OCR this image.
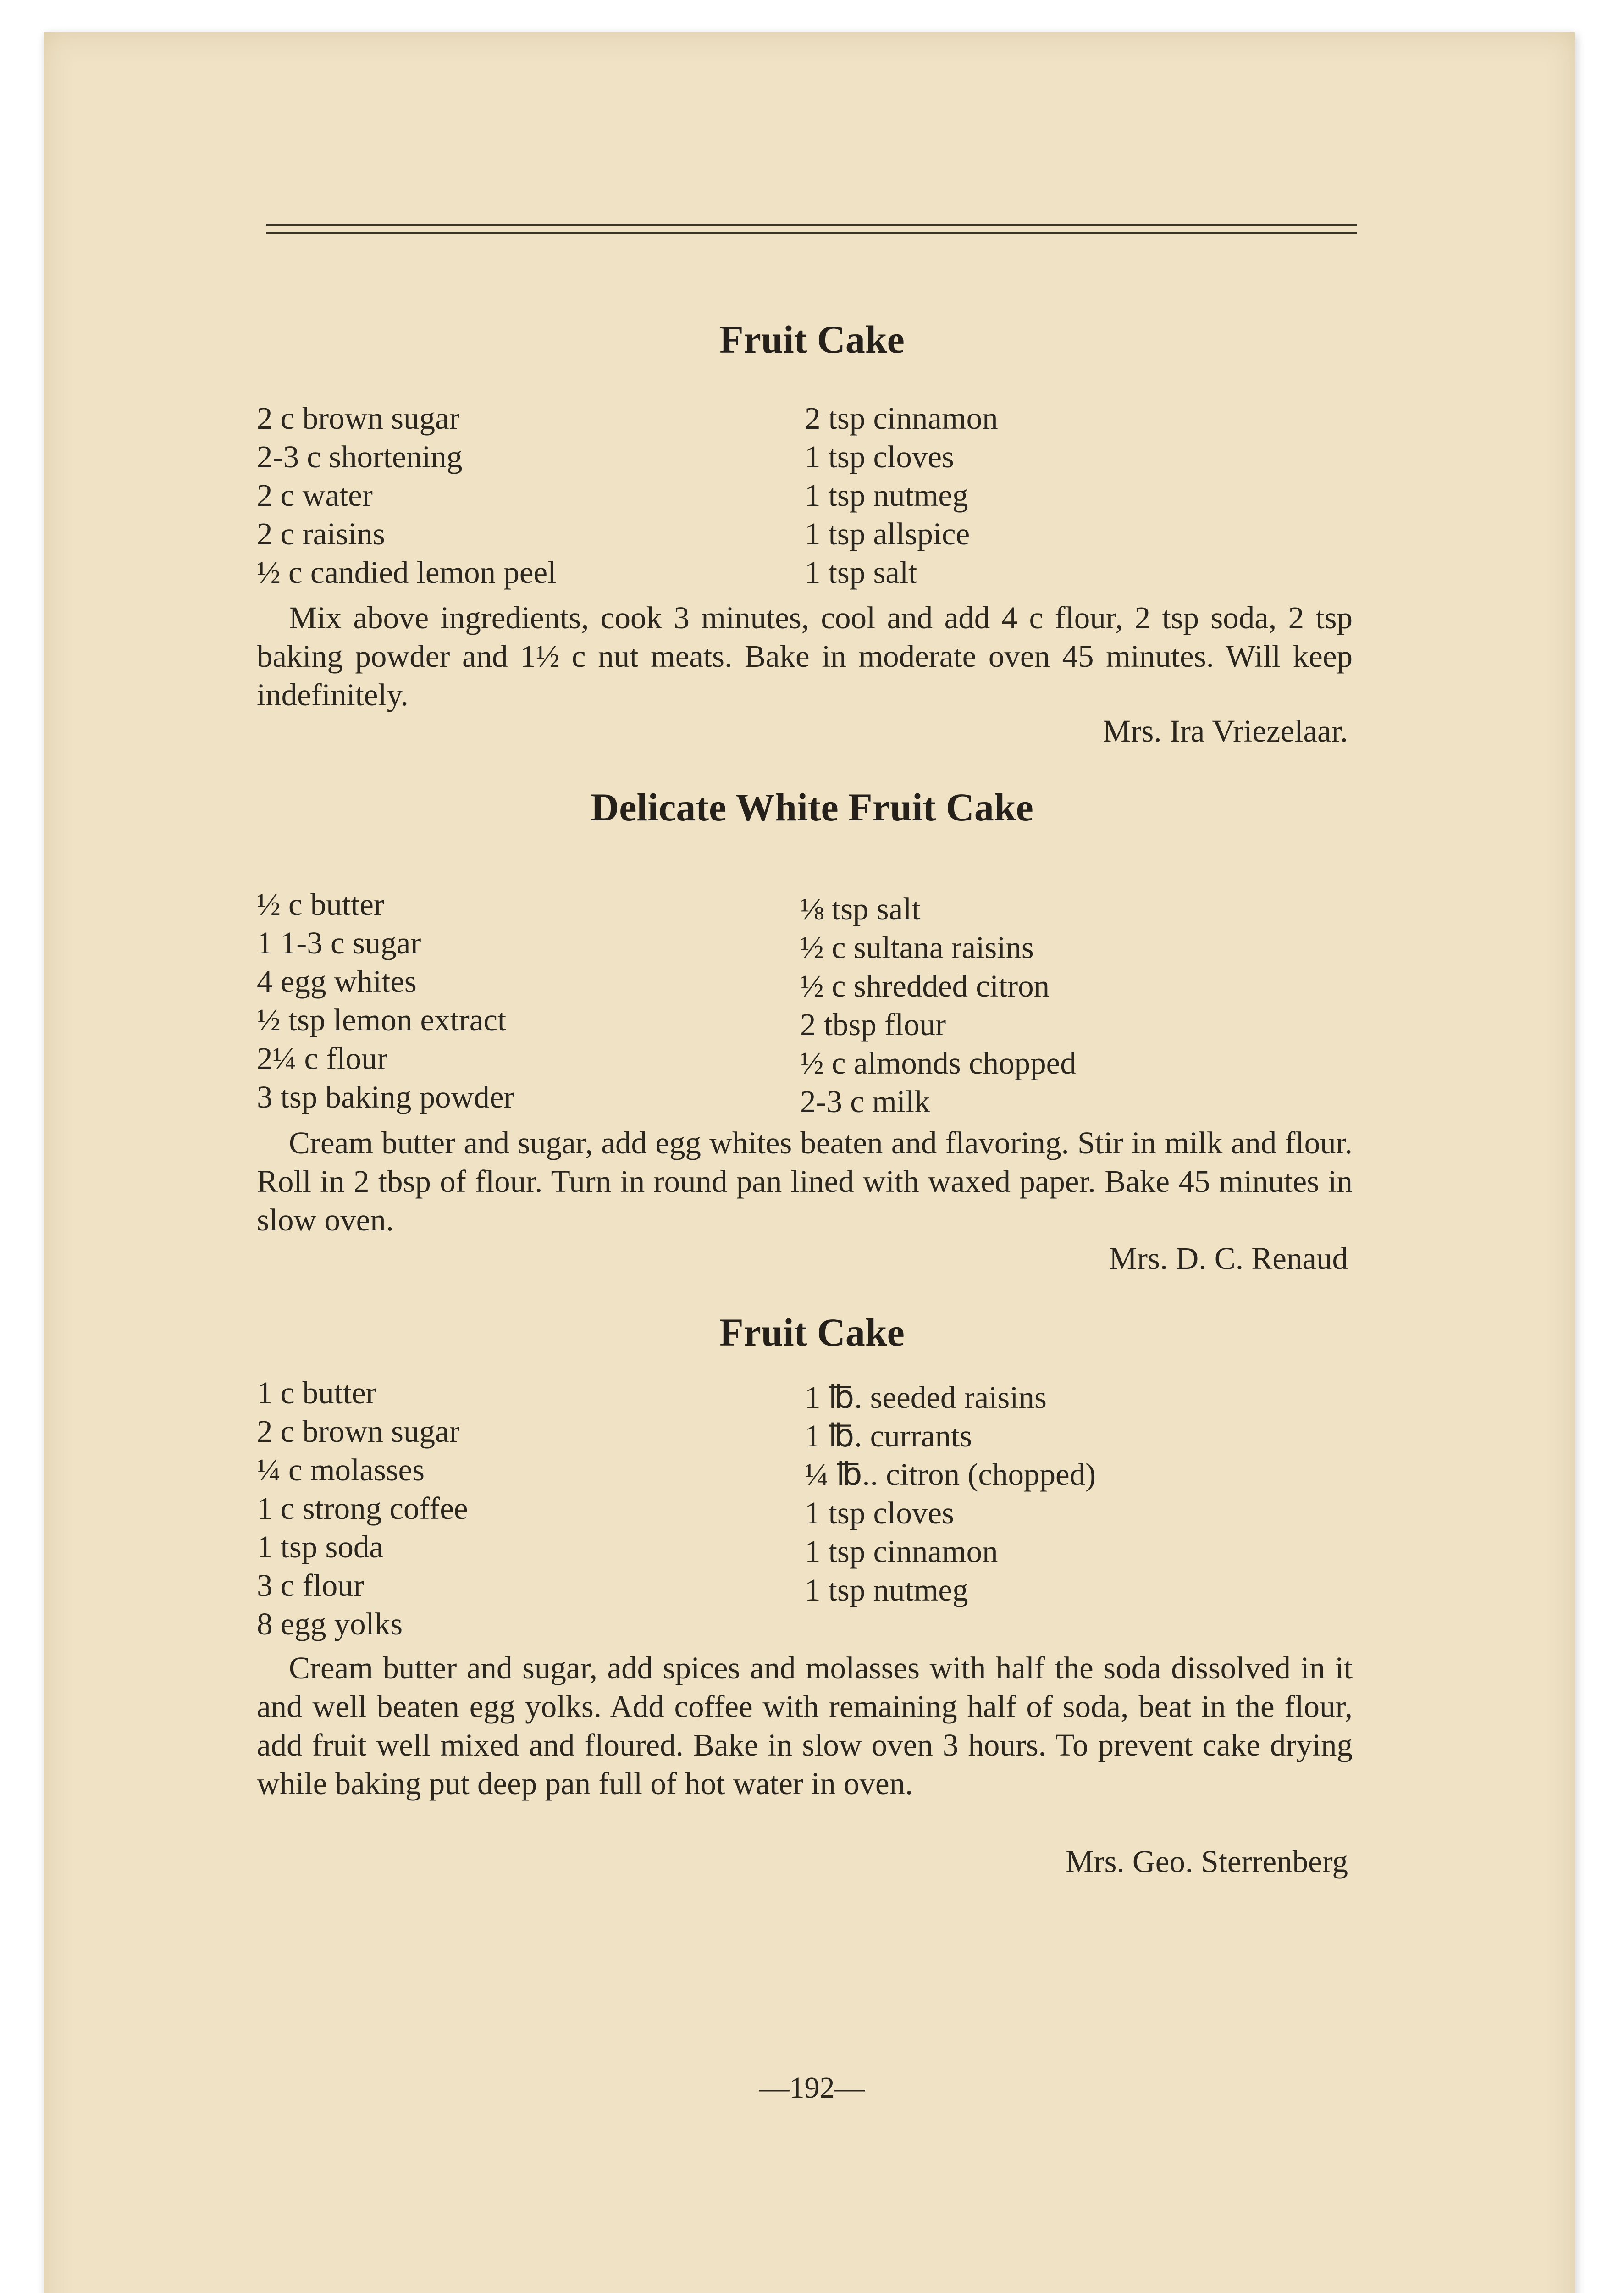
Fruit Cake
2 c brown sugar
2-3 c shortening
2 c water
2 c raisins
½ c candied lemon peel
2 tsp cinnamon
1 tsp cloves
1 tsp nutmeg
1 tsp allspice
1 tsp salt
Mix above ingredients, cook 3 minutes, cool and add 4 c flour, 2 tsp soda, 2 tsp baking powder and 1½ c nut meats. Bake in moderate oven 45 minutes. Will keep indefinitely.
Mrs. Ira Vriezelaar.
Delicate White Fruit Cake
½ c butter
1 1-3 c sugar
4 egg whites
½ tsp lemon extract
2¼ c flour
3 tsp baking powder
⅛ tsp salt
½ c sultana raisins
½ c shredded citron
2 tbsp flour
½ c almonds chopped
2-3 c milk
Cream butter and sugar, add egg whites beaten and flavoring. Stir in milk and flour. Roll in 2 tbsp of flour. Turn in round pan lined with waxed paper. Bake 45 minutes in slow oven.
Mrs. D. C. Renaud
Fruit Cake
1 c butter
2 c brown sugar
¼ c molasses
1 c strong coffee
1 tsp soda
3 c flour
8 egg yolks
1 ℔. seeded raisins
1 ℔. currants
¼ ℔.. citron (chopped)
1 tsp cloves
1 tsp cinnamon
1 tsp nutmeg
Cream butter and sugar, add spices and molasses with half the soda dissolved in it and well beaten egg yolks. Add coffee with remaining half of soda, beat in the flour, add fruit well mixed and floured. Bake in slow oven 3 hours. To prevent cake drying while baking put deep pan full of hot water in oven.
Mrs. Geo. Sterrenberg
—192—
